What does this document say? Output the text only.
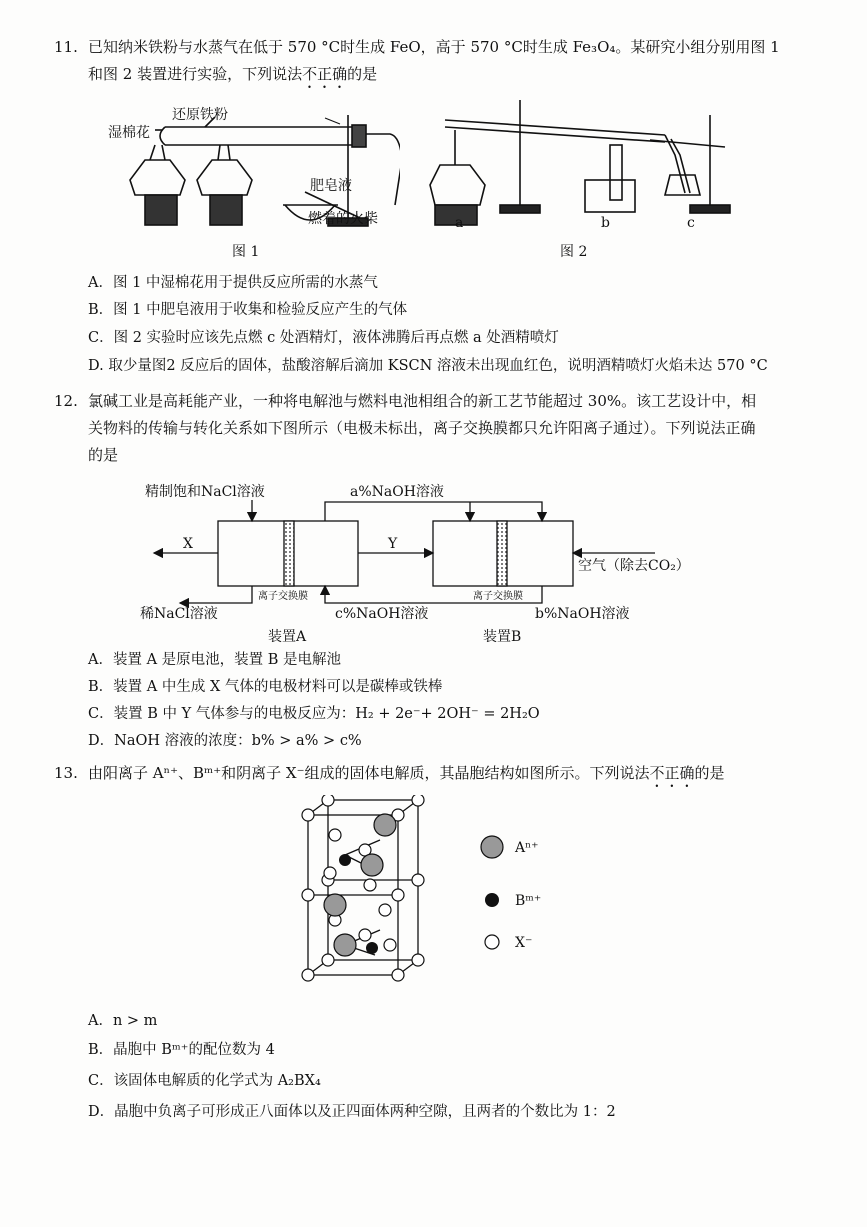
11. 已知纳米铁粉与水蒸气在低于 570 °C时生成 FeO，高于 570 °C时生成 Fe₃O₄。某研究小组分别用图 1
和图 2 装置进行实验，下列说法不正确的是
湿棉花
还原铁粉
肥皂液
燃着的火柴
图 1
a	b	c
图 2
A．图 1 中湿棉花用于提供反应所需的水蒸气
B．图 1 中肥皂液用于收集和检验反应产生的气体
C．图 2 实验时应该先点燃 c 处酒精灯，液体沸腾后再点燃 a 处酒精喷灯
D. 取少量图2 反应后的固体，盐酸溶解后滴加 KSCN 溶液未出现血红色，说明酒精喷灯火焰未达 570 °C
12. 氯碱工业是高耗能产业，一种将电解池与燃料电池相组合的新工艺节能超过 30%。该工艺设计中，相
关物料的传输与转化关系如下图所示（电极未标出，离子交换膜都只允许阳离子通过）。下列说法正确
的是
精制饱和NaCl溶液	a%NaOH溶液
X	Y
空气（除去CO₂）
稀NaCl溶液
离子交换膜	离子交换膜
c%NaOH溶液	b%NaOH溶液
装置A	装置B
A．装置 A 是原电池，装置 B 是电解池
B．装置 A 中生成 X 气体的电极材料可以是碳棒或铁棒
C．装置 B 中 Y 气体参与的电极反应为：H₂ + 2e⁻+ 2OH⁻ = 2H₂O
D．NaOH 溶液的浓度：b% > a% > c%
13. 由阳离子 Aⁿ⁺、Bᵐ⁺和阴离子 X⁻组成的固体电解质，其晶胞结构如图所示。下列说法不正确的是
Aⁿ⁺
Bᵐ⁺
X⁻
A．n > m
B．晶胞中 Bᵐ⁺的配位数为 4
C．该固体电解质的化学式为 A₂BX₄
D．晶胞中负离子可形成正八面体以及正四面体两种空隙，且两者的个数比为 1：2
